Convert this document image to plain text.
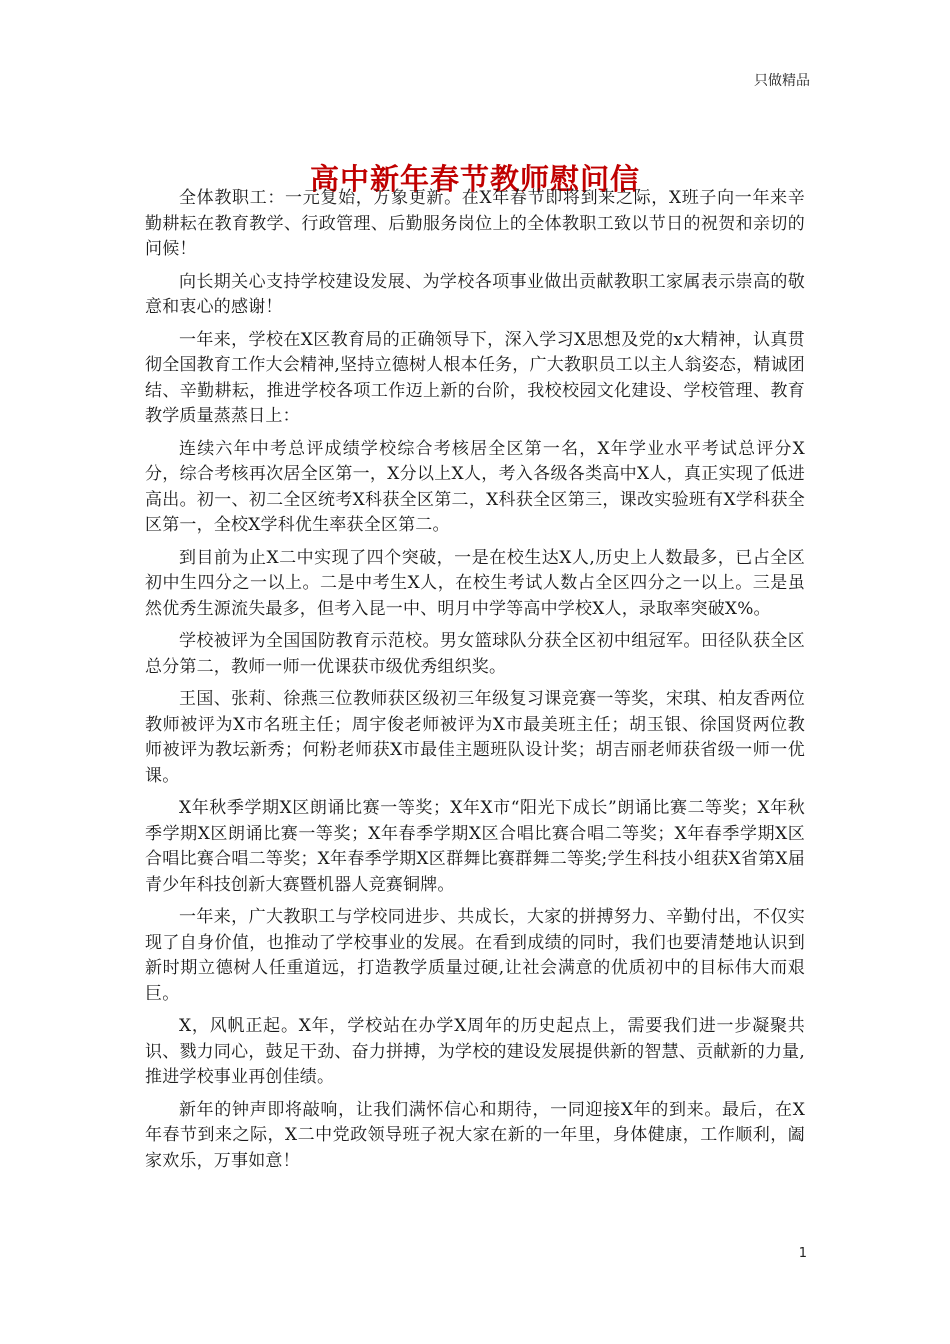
只做精品
高中新年春节教师慰问信

全体教职工：一元复始，万象更新。在X年春节即将到来之际，X班子向一年来辛勤耕耘在教育教学、行政管理、后勤服务岗位上的全体教职工致以节日的祝贺和亲切的问候！

向长期关心支持学校建设发展、为学校各项事业做出贡献教职工家属表示崇高的敬意和衷心的感谢！

一年来，学校在X区教育局的正确领导下，深入学习X思想及党的x大精神，认真贯彻全国教育工作大会精神,坚持立德树人根本任务，广大教职员工以主人翁姿态，精诚团结、辛勤耕耘，推进学校各项工作迈上新的台阶，我校校园文化建设、学校管理、教育教学质量蒸蒸日上：

连续六年中考总评成绩学校综合考核居全区第一名，X年学业水平考试总评分X分，综合考核再次居全区第一，X分以上X人，考入各级各类高中X人，真正实现了低进高出。初一、初二全区统考X科获全区第二，X科获全区第三，课改实验班有X学科获全区第一，全校X学科优生率获全区第二。

到目前为止X二中实现了四个突破，一是在校生达X人,历史上人数最多，已占全区初中生四分之一以上。二是中考生X人，在校生考试人数占全区四分之一以上。三是虽然优秀生源流失最多，但考入昆一中、明月中学等高中学校X人，录取率突破X%。

学校被评为全国国防教育示范校。男女篮球队分获全区初中组冠军。田径队获全区总分第二，教师一师一优课获市级优秀组织奖。

王国、张莉、徐燕三位教师获区级初三年级复习课竞赛一等奖，宋琪、柏友香两位教师被评为X市名班主任；周宇俊老师被评为X市最美班主任；胡玉银、徐国贤两位教师被评为教坛新秀；何粉老师获X市最佳主题班队设计奖；胡吉丽老师获省级一师一优课。

X年秋季学期X区朗诵比赛一等奖；X年X市“阳光下成长”朗诵比赛二等奖；X年秋季学期X区朗诵比赛一等奖；X年春季学期X区合唱比赛合唱二等奖；X年春季学期X区合唱比赛合唱二等奖；X年春季学期X区群舞比赛群舞二等奖;学生科技小组获X省第X届青少年科技创新大赛暨机器人竞赛铜牌。

一年来，广大教职工与学校同进步、共成长，大家的拼搏努力、辛勤付出，不仅实现了自身价值，也推动了学校事业的发展。在看到成绩的同时，我们也要清楚地认识到新时期立德树人任重道远，打造教学质量过硬,让社会满意的优质初中的目标伟大而艰巨。

X，风帆正起。X年，学校站在办学X周年的历史起点上，需要我们进一步凝聚共识、戮力同心，鼓足干劲、奋力拼搏，为学校的建设发展提供新的智慧、贡献新的力量,推进学校事业再创佳绩。

新年的钟声即将敲响，让我们满怀信心和期待，一同迎接X年的到来。最后，在X年春节到来之际，X二中党政领导班子祝大家在新的一年里，身体健康，工作顺利，阖家欢乐，万事如意！

1
